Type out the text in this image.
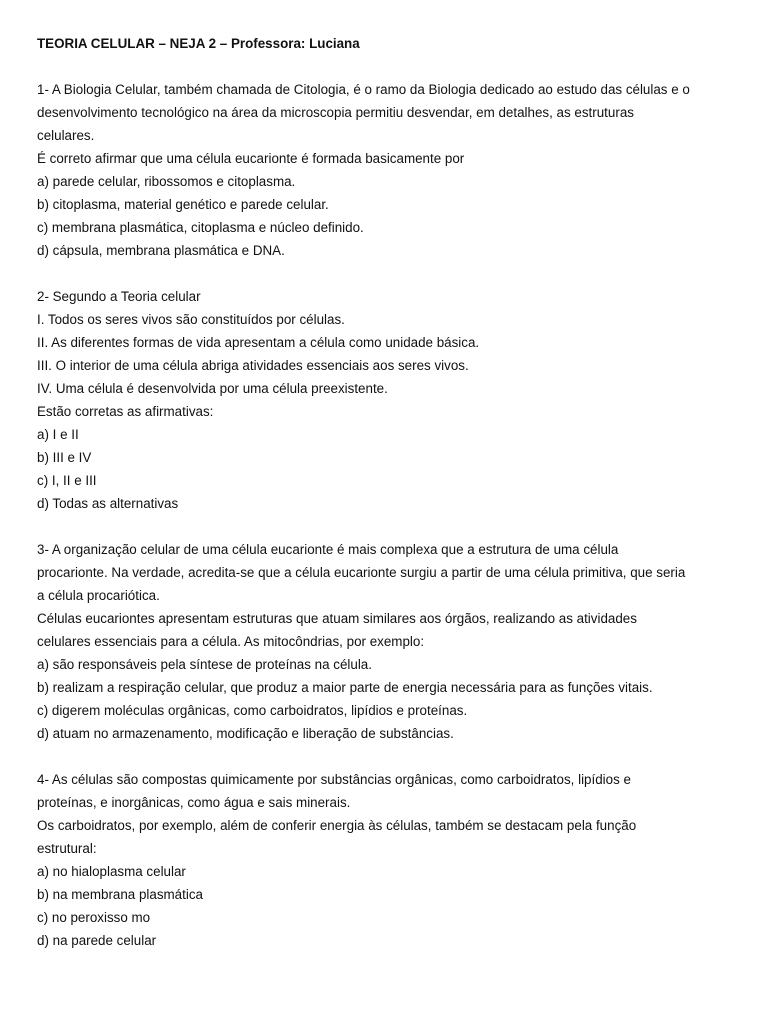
TEORIA CELULAR – NEJA 2 – Professora: Luciana
1- A Biologia Celular, também chamada de Citologia, é o ramo da Biologia dedicado ao estudo das células e o
desenvolvimento tecnológico na área da microscopia permitiu desvendar, em detalhes, as estruturas
celulares.
É correto afirmar que uma célula eucarionte é formada basicamente por
a) parede celular, ribossomos e citoplasma.
b) citoplasma, material genético e parede celular.
c) membrana plasmática, citoplasma e núcleo definido.
d) cápsula, membrana plasmática e DNA.
2- Segundo a Teoria celular
I. Todos os seres vivos são constituídos por células.
II. As diferentes formas de vida apresentam a célula como unidade básica.
III. O interior de uma célula abriga atividades essenciais aos seres vivos.
IV. Uma célula é desenvolvida por uma célula preexistente.
Estão corretas as afirmativas:
a) I e II
b) III e IV
c) I, II e III
d) Todas as alternativas
3- A organização celular de uma célula eucarionte é mais complexa que a estrutura de uma célula
procarionte. Na verdade, acredita-se que a célula eucarionte surgiu a partir de uma célula primitiva, que seria
a célula procariótica.
Células eucariontes apresentam estruturas que atuam similares aos órgãos, realizando as atividades
celulares essenciais para a célula. As mitocôndrias, por exemplo:
a) são responsáveis pela síntese de proteínas na célula.
b) realizam a respiração celular, que produz a maior parte de energia necessária para as funções vitais.
c) digerem moléculas orgânicas, como carboidratos, lipídios e proteínas.
d) atuam no armazenamento, modificação e liberação de substâncias.
4- As células são compostas quimicamente por substâncias orgânicas, como carboidratos, lipídios e
proteínas, e inorgânicas, como água e sais minerais.
Os carboidratos, por exemplo, além de conferir energia às células, também se destacam pela função
estrutural:
a) no hialoplasma celular
b) na membrana plasmática
c) no peroxisso mo
d) na parede celular
